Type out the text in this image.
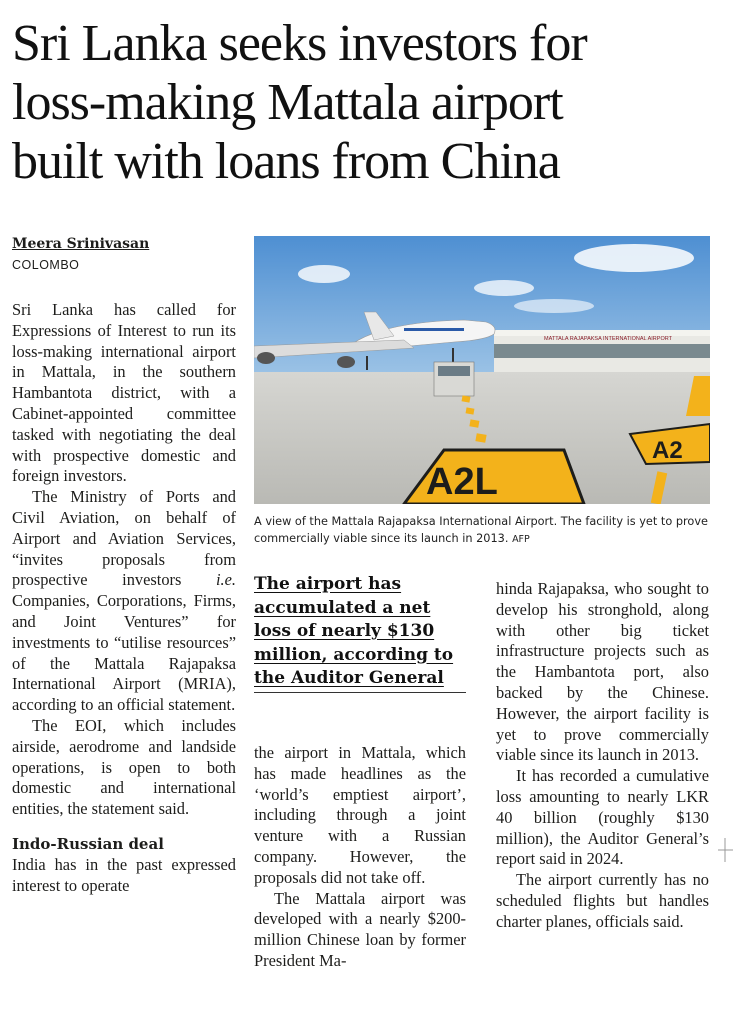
Sri Lanka seeks investors for
loss-making Mattala airport
built with loans from China
Meera Srinivasan
COLOMBO

Sri Lanka has called for Expressions of Interest to run its loss-making international airport in Mattala, in the southern Hambantota district, with a Cabinet-appointed committee tasked with negotiating the deal with prospective domestic and foreign investors.

The Ministry of Ports and Civil Aviation, on behalf of Airport and Aviation Services, “invites proposals from prospective investors i.e. Companies, Corporations, Firms, and Joint Ventures” for investments to “utilise resources” of the Mattala Rajapaksa International Airport (MRIA), according to an official statement.

The EOI, which includes airside, aerodrome and landside operations, is open to both domestic and international entities, the statement said.

Indo-Russian deal

India has in the past expressed interest to operate

MATTALA RAJAPAKSA INTERNATIONAL AIRPORT
A2L
A2
A view of the Mattala Rajapaksa International Airport. The facility is yet to prove commercially viable since its launch in 2013. AFP
The airport has accumulated a net loss of nearly $130 million, according to the Auditor General

the airport in Mattala, which has made headlines as the ‘world’s emptiest airport’, including through a joint venture with a Russian company. However, the proposals did not take off.

The Mattala airport was developed with a nearly $200-million Chinese loan by former President Ma-

hinda Rajapaksa, who sought to develop his stronghold, along with other big ticket infrastructure projects such as the Hambantota port, also backed by the Chinese. However, the airport facility is yet to prove commercially viable since its launch in 2013.

It has recorded a cumulative loss amounting to nearly LKR 40 billion (roughly $130 million), the Auditor General’s report said in 2024.

The airport currently has no scheduled flights but handles charter planes, officials said.
